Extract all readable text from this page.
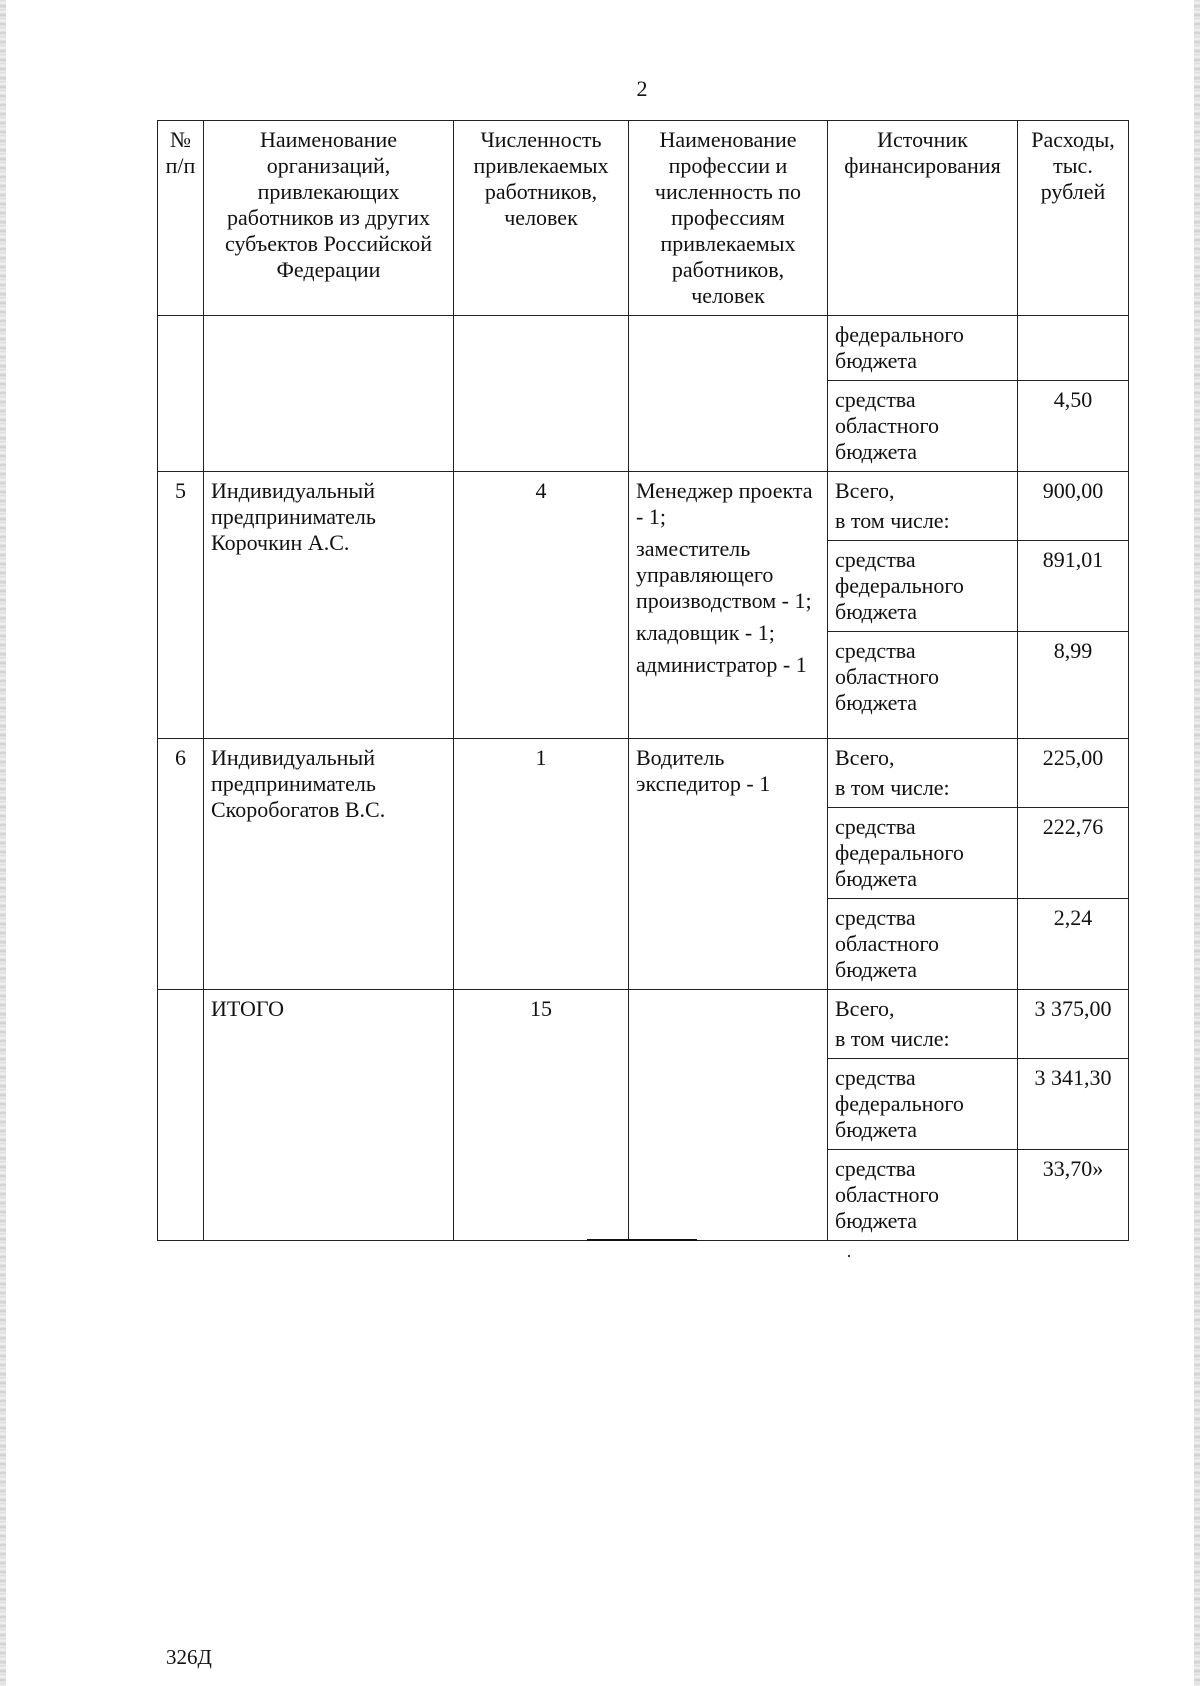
2
№ п/п	Наименование организаций, привлекающих работников из других субъектов Российской Федерации	Численность привлекаемых работников, человек	Наименование профессии и численность по профессиям привлекаемых работников, человек	Источник финансирования	Расходы, тыс. рублей
				федерального бюджета	
				средства областного бюджета	4,50
5	Индивидуальный предприниматель Корочкин А.С.	4	Менеджер проекта - 1;
заместитель управляющего производством - 1;
кладовщик - 1;
администратор - 1	Всего,
в том числе:	900,00
				средства федерального бюджета	891,01
				средства областного бюджета	8,99
6	Индивидуальный предприниматель Скоробогатов В.С.	1	Водитель экспедитор - 1	Всего,
в том числе:	225,00
				средства федерального бюджета	222,76
				средства областного бюджета	2,24
	ИТОГО	15		Всего,
в том числе:	3 375,00
				средства федерального бюджета	3 341,30
				средства областного бюджета	33,70»
326Д
